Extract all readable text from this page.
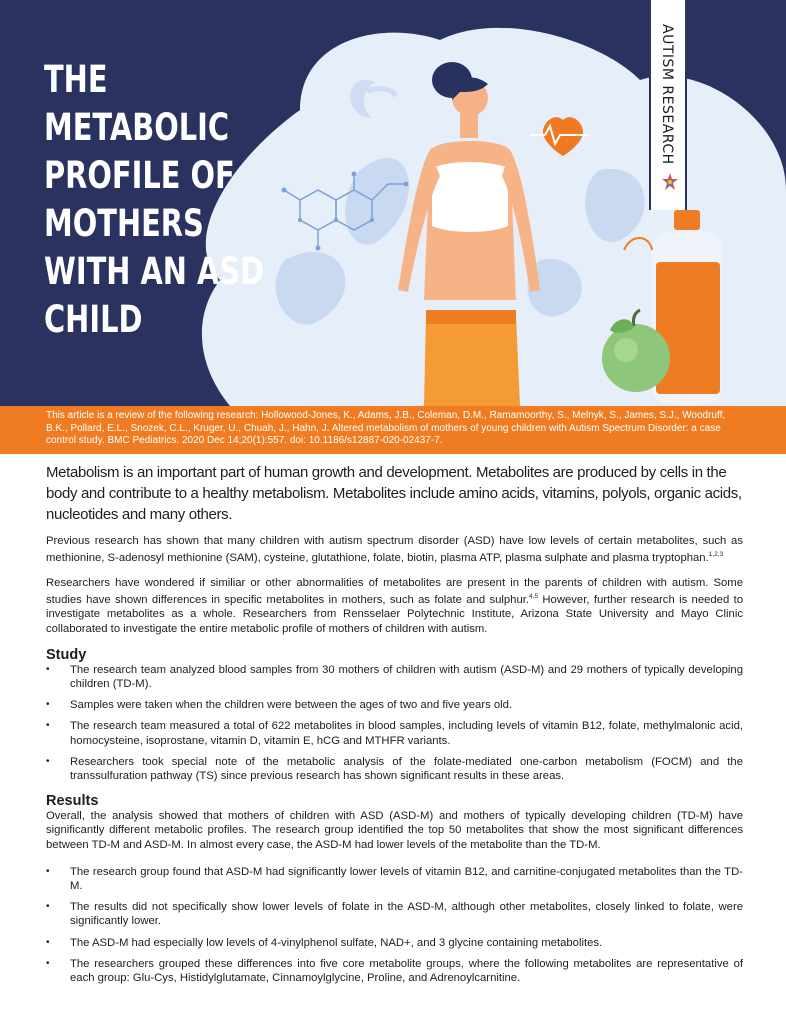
THE
METABOLIC
PROFILE OF
MOTHERS
WITH AN ASD
CHILD
AUTISM RESEARCH
This article is a review of the following research: Hollowood-Jones, K., Adams, J.B., Coleman, D.M., Ramamoorthy, S., Melnyk, S., James, S.J., Woodruff, B.K., Pollard, E.L., Snozek, C.L., Kruger, U., Chuah, J., Hahn, J. Altered metabolism of mothers of young children with Autism Spectrum Disorder: a case control study. BMC Pediatrics. 2020 Dec 14;20(1):557. doi: 10.1186/s12887-020-02437-7.
Metabolism is an important part of human growth and development. Metabolites are produced by cells in the body and contribute to a healthy metabolism. Metabolites include amino acids, vitamins, polyols, organic acids, nucleotides and many others.

Previous research has shown that many children with autism spectrum disorder (ASD) have low levels of certain metabolites, such as methionine, S-adenosyl methionine (SAM), cysteine, glutathione, folate, biotin, plasma ATP, plasma sulphate and plasma tryptophan.$^{1,2,3}$

Researchers have wondered if similiar or other abnormalities of metabolites are present in the parents of children with autism. Some studies have shown differences in specific metabolites in mothers, such as folate and sulphur.$^{4,5}$ However, further research is needed to investigate metabolites as a whole. Researchers from Rensselaer Polytechnic Institute, Arizona State University and Mayo Clinic collaborated to investigate the entire metabolic profile of mothers of children with autism.

Study
• The research team analyzed blood samples from 30 mothers of children with autism (ASD-M) and 29 mothers of typically developing children (TD-M).
• Samples were taken when the children were between the ages of two and five years old.
• The research team measured a total of 622 metabolites in blood samples, including levels of vitamin B12, folate, methylmalonic acid, homocysteine, isoprostane, vitamin D, vitamin E, hCG and MTHFR variants.
• Researchers took special note of the metabolic analysis of the folate-mediated one-carbon metabolism (FOCM) and the transsulfuration pathway (TS) since previous research has shown significant results in these areas.
Results
Overall, the analysis showed that mothers of children with ASD (ASD-M) and mothers of typically developing children (TD-M) have significantly different metabolic profiles. The research group identified the top 50 metabolites that show the most significant differences between TD-M and ASD-M. In almost every case, the ASD-M had lower levels of the metabolite than the TD-M.
• The research group found that ASD-M had significantly lower levels of vitamin B12, and carnitine-conjugated metabolites than the TD-M.
• The results did not specifically show lower levels of folate in the ASD-M, although other metabolites, closely linked to folate, were significantly lower.
• The ASD-M had especially low levels of 4-vinylphenol sulfate, NAD+, and 3 glycine containing metabolites.
• The researchers grouped these differences into five core metabolite groups, where the following metabolites are representative of each group: Glu-Cys, Histidylglutamate, Cinnamoylglycine, Proline, and Adrenoylcarnitine.
